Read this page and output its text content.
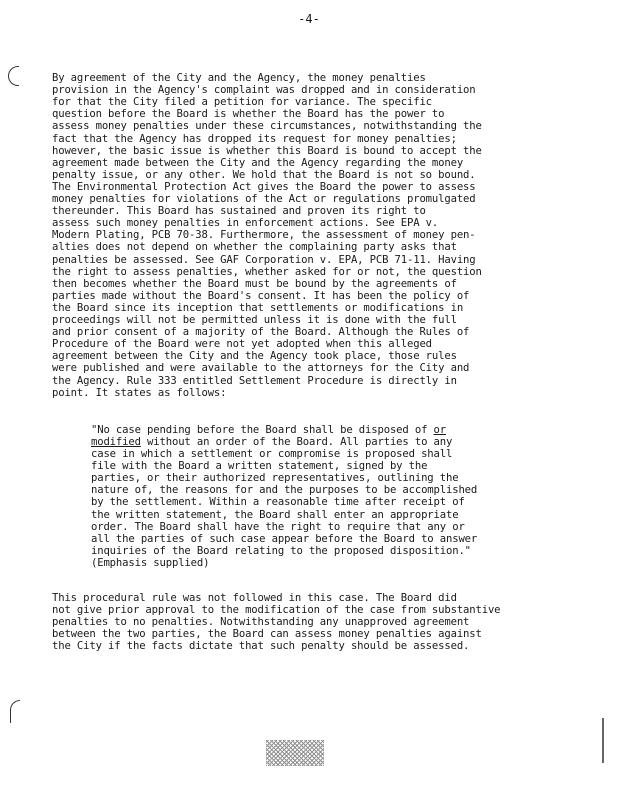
-4-
By agreement of the City and the Agency, the money penalties
provision in the Agency's complaint was dropped and in consideration
for that the City filed a petition for variance. The specific
question before the Board is whether the Board has the power to
assess money penalties under these circumstances, notwithstanding the
fact that the Agency has dropped its request for money penalties;
however, the basic issue is whether this Board is bound to accept the
agreement made between the City and the Agency regarding the money
penalty issue, or any other. We hold that the Board is not so bound.
The Environmental Protection Act gives the Board the power to assess
money penalties for violations of the Act or regulations promulgated
thereunder. This Board has sustained and proven its right to
assess such money penalties in enforcement actions. See EPA v.
Modern Plating, PCB 70-38. Furthermore, the assessment of money pen-
alties does not depend on whether the complaining party asks that
penalties be assessed. See GAF Corporation v. EPA, PCB 71-11. Having
the right to assess penalties, whether asked for or not, the question
then becomes whether the Board must be bound by the agreements of
parties made without the Board's consent. It has been the policy of
the Board since its inception that settlements or modifications in
proceedings will not be permitted unless it is done with the full
and prior consent of a majority of the Board. Although the Rules of
Procedure of the Board were not yet adopted when this alleged
agreement between the City and the Agency took place, those rules
were published and were available to the attorneys for the City and
the Agency. Rule 333 entitled Settlement Procedure is directly in
point. It states as follows:
"No case pending before the Board shall be disposed of or
modified without an order of the Board. All parties to any
case in which a settlement or compromise is proposed shall
file with the Board a written statement, signed by the
parties, or their authorized representatives, outlining the
nature of, the reasons for and the purposes to be accomplished
by the settlement. Within a reasonable time after receipt of
the written statement, the Board shall enter an appropriate
order. The Board shall have the right to require that any or
all the parties of such case appear before the Board to answer
inquiries of the Board relating to the proposed disposition."
(Emphasis supplied)
This procedural rule was not followed in this case. The Board did
not give prior approval to the modification of the case from substantive
penalties to no penalties. Notwithstanding any unapproved agreement
between the two parties, the Board can assess money penalties against
the City if the facts dictate that such penalty should be assessed.
